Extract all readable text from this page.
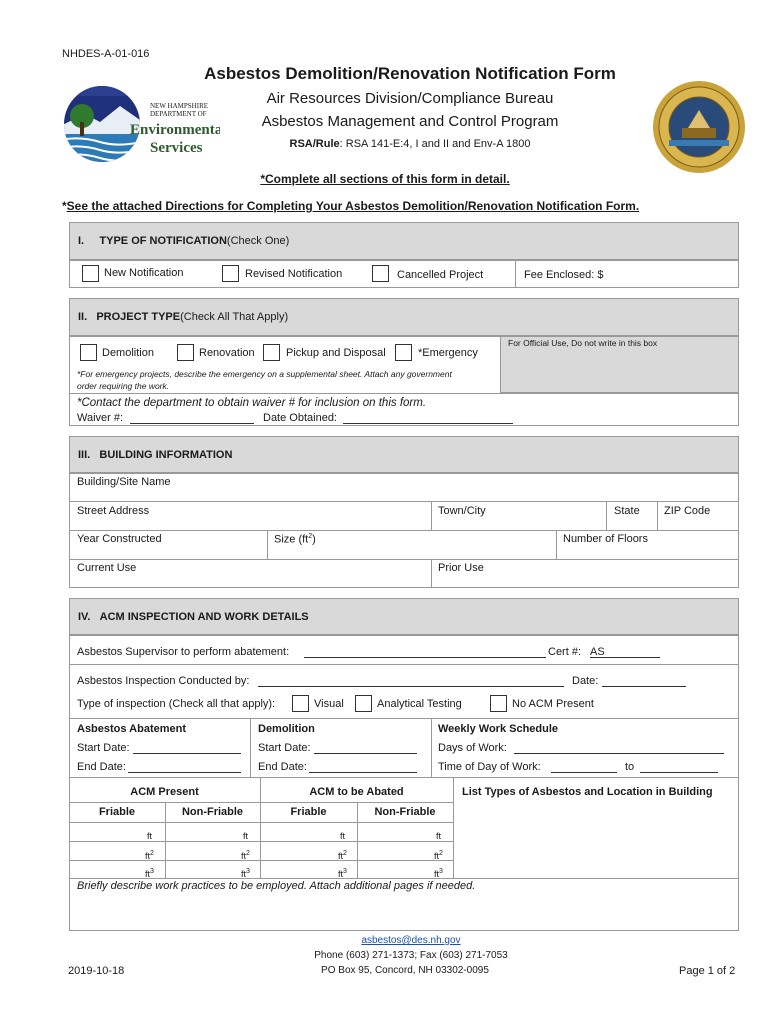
NHDES-A-01-016
NEW HAMPSHIRE
DEPARTMENT OF
Environmental
Services
Asbestos Demolition/Renovation Notification Form
Air Resources Division/Compliance Bureau
Asbestos Management and Control Program
RSA/Rule: RSA 141-E:4, I and II and Env-A 1800
*Complete all sections of this form in detail.
*See the attached Directions for Completing Your Asbestos Demolition/Renovation Notification Form.
I.
TYPE OF NOTIFICATION (Check One)
New Notification	Revised Notification	Cancelled Project	Fee Enclosed: $
II.
PROJECT TYPE (Check All That Apply)
For Official Use, Do not write in this box
Demolition	Renovation	Pickup and Disposal	*Emergency
*For emergency projects, describe the emergency on a supplemental sheet. Attach any government
order requiring the work.
*Contact the department to obtain waiver # for inclusion on this form.
Waiver #:	Date Obtained:
III.
BUILDING INFORMATION
Building/Site Name
Street Address	Town/City	State ZIP Code
Year Constructed	Size $(ft^2)$	Number of Floors
Current Use	Prior Use
IV.
ACM INSPECTION AND WORK DETAILS
Asbestos Supervisor to perform abatement:	Cert #: AS
Asbestos Inspection Conducted by:	Date:
Type of inspection (Check all that apply):	Visual	Analytical Testing	No ACM Present
Asbestos Abatement	Demolition	Weekly Work Schedule
Start Date:
End Date:
Start Date:
End Date:
Days of Work:
Time of Day of Work:	to
ACM Present	ACM to be Abated	List Types of Asbestos and Location in Building
Friable	Non-Friable	Friable	Non-Friable
ft	ft	ft	ft
$ft^2$	$ft^2$	$ft^2$	$ft^2$
$ft^3$	$ft^3$	$ft^3$	$ft^3$
Briefly describe work practices to be employed. Attach additional pages if needed.
asbestos@des.nh.gov
Phone (603) 271-1373; Fax (603) 271-7053
PO Box 95, Concord, NH 03302-0095
2019-10-18	Page 1 of 2
